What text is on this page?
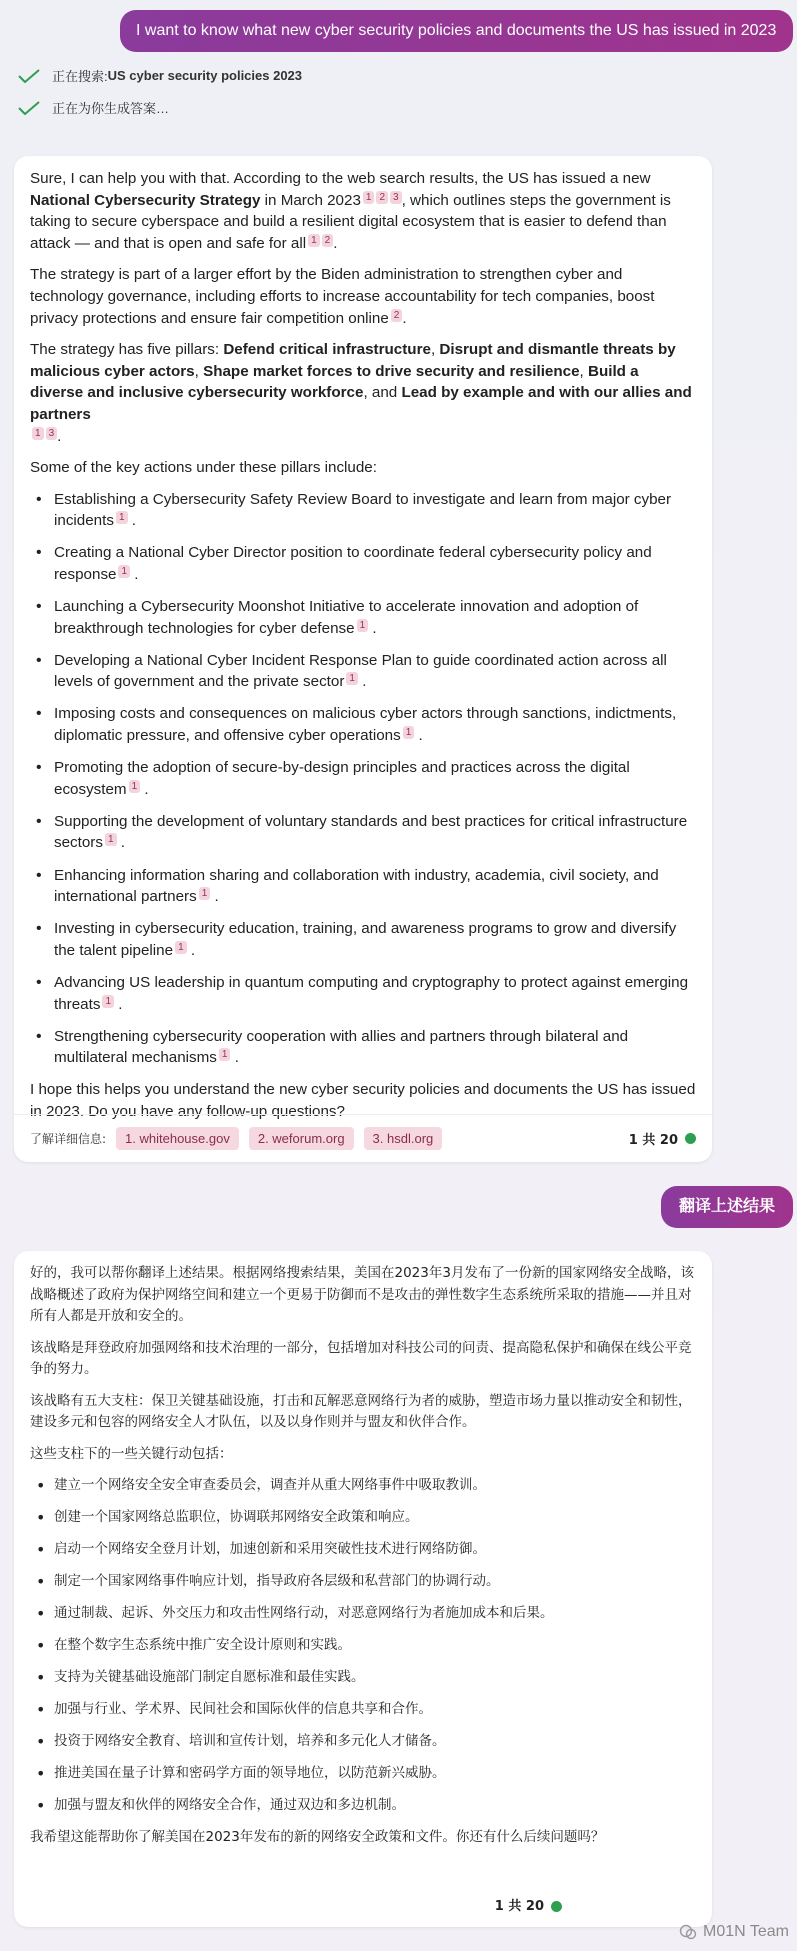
I want to know what new cyber security policies and documents the US has issued in 2023
正在搜索: US cyber security policies 2023
正在为你生成答案…

Sure, I can help you with that. According to the web search results, the US has issued a new National Cybersecurity Strategy in March 2023 1 2 3 , which outlines steps the government is taking to secure cyberspace and build a resilient digital ecosystem that is easier to defend than attack — and that is open and safe for all 1 2 .

The strategy is part of a larger effort by the Biden administration to strengthen cyber and technology governance, including efforts to increase accountability for tech companies, boost privacy protections and ensure fair competition online 2 .

The strategy has five pillars: Defend critical infrastructure, Disrupt and dismantle threats by malicious cyber actors, Shape market forces to drive security and resilience, Build a diverse and inclusive cybersecurity workforce, and Lead by example and with our allies and partners
1 3 .

Some of the key actions under these pillars include:

• Establishing a Cybersecurity Safety Review Board to investigate and learn from major cyber incidents 1 .
• Creating a National Cyber Director position to coordinate federal cybersecurity policy and response 1 .
• Launching a Cybersecurity Moonshot Initiative to accelerate innovation and adoption of breakthrough technologies for cyber defense 1 .
• Developing a National Cyber Incident Response Plan to guide coordinated action across all levels of government and the private sector 1 .
• Imposing costs and consequences on malicious cyber actors through sanctions, indictments, diplomatic pressure, and offensive cyber operations 1 .
• Promoting the adoption of secure-by-design principles and practices across the digital ecosystem 1 .
• Supporting the development of voluntary standards and best practices for critical infrastructure sectors 1 .
• Enhancing information sharing and collaboration with industry, academia, civil society, and international partners 1 .
• Investing in cybersecurity education, training, and awareness programs to grow and diversify the talent pipeline 1 .
• Advancing US leadership in quantum computing and cryptography to protect against emerging threats 1 .
• Strengthening cybersecurity cooperation with allies and partners through bilateral and multilateral mechanisms 1 .

I hope this helps you understand the new cyber security policies and documents the US has issued in 2023. Do you have any follow-up questions?

了解详细信息:	1. whitehouse.gov	2. weforum.org	3. hsdl.org	1 共 20
翻译上述结果

好的，我可以帮你翻译上述结果。根据网络搜索结果，美国在2023年3月发布了一份新的国家网络安全战略，该战略概述了政府为保护网络空间和建立一个更易于防御而不是攻击的弹性数字生态系统所采取的措施——并且对所有人都是开放和安全的。

该战略是拜登政府加强网络和技术治理的一部分，包括增加对科技公司的问责、提高隐私保护和确保在线公平竞争的努力。

该战略有五大支柱：保卫关键基础设施，打击和瓦解恶意网络行为者的威胁，塑造市场力量以推动安全和韧性，建设多元和包容的网络安全人才队伍，以及以身作则并与盟友和伙伴合作。

这些支柱下的一些关键行动包括：

• 建立一个网络安全安全审查委员会，调查并从重大网络事件中吸取教训。
• 创建一个国家网络总监职位，协调联邦网络安全政策和响应。
• 启动一个网络安全登月计划，加速创新和采用突破性技术进行网络防御。
• 制定一个国家网络事件响应计划，指导政府各层级和私营部门的协调行动。
• 通过制裁、起诉、外交压力和攻击性网络行动，对恶意网络行为者施加成本和后果。
• 在整个数字生态系统中推广安全设计原则和实践。
• 支持为关键基础设施部门制定自愿标准和最佳实践。
• 加强与行业、学术界、民间社会和国际伙伴的信息共享和合作。
• 投资于网络安全教育、培训和宣传计划，培养和多元化人才储备。
• 推进美国在量子计算和密码学方面的领导地位，以防范新兴威胁。
• 加强与盟友和伙伴的网络安全合作，通过双边和多边机制。

我希望这能帮助你了解美国在2023年发布的新的网络安全政策和文件。你还有什么后续问题吗？

1 共 20
M01N Team
